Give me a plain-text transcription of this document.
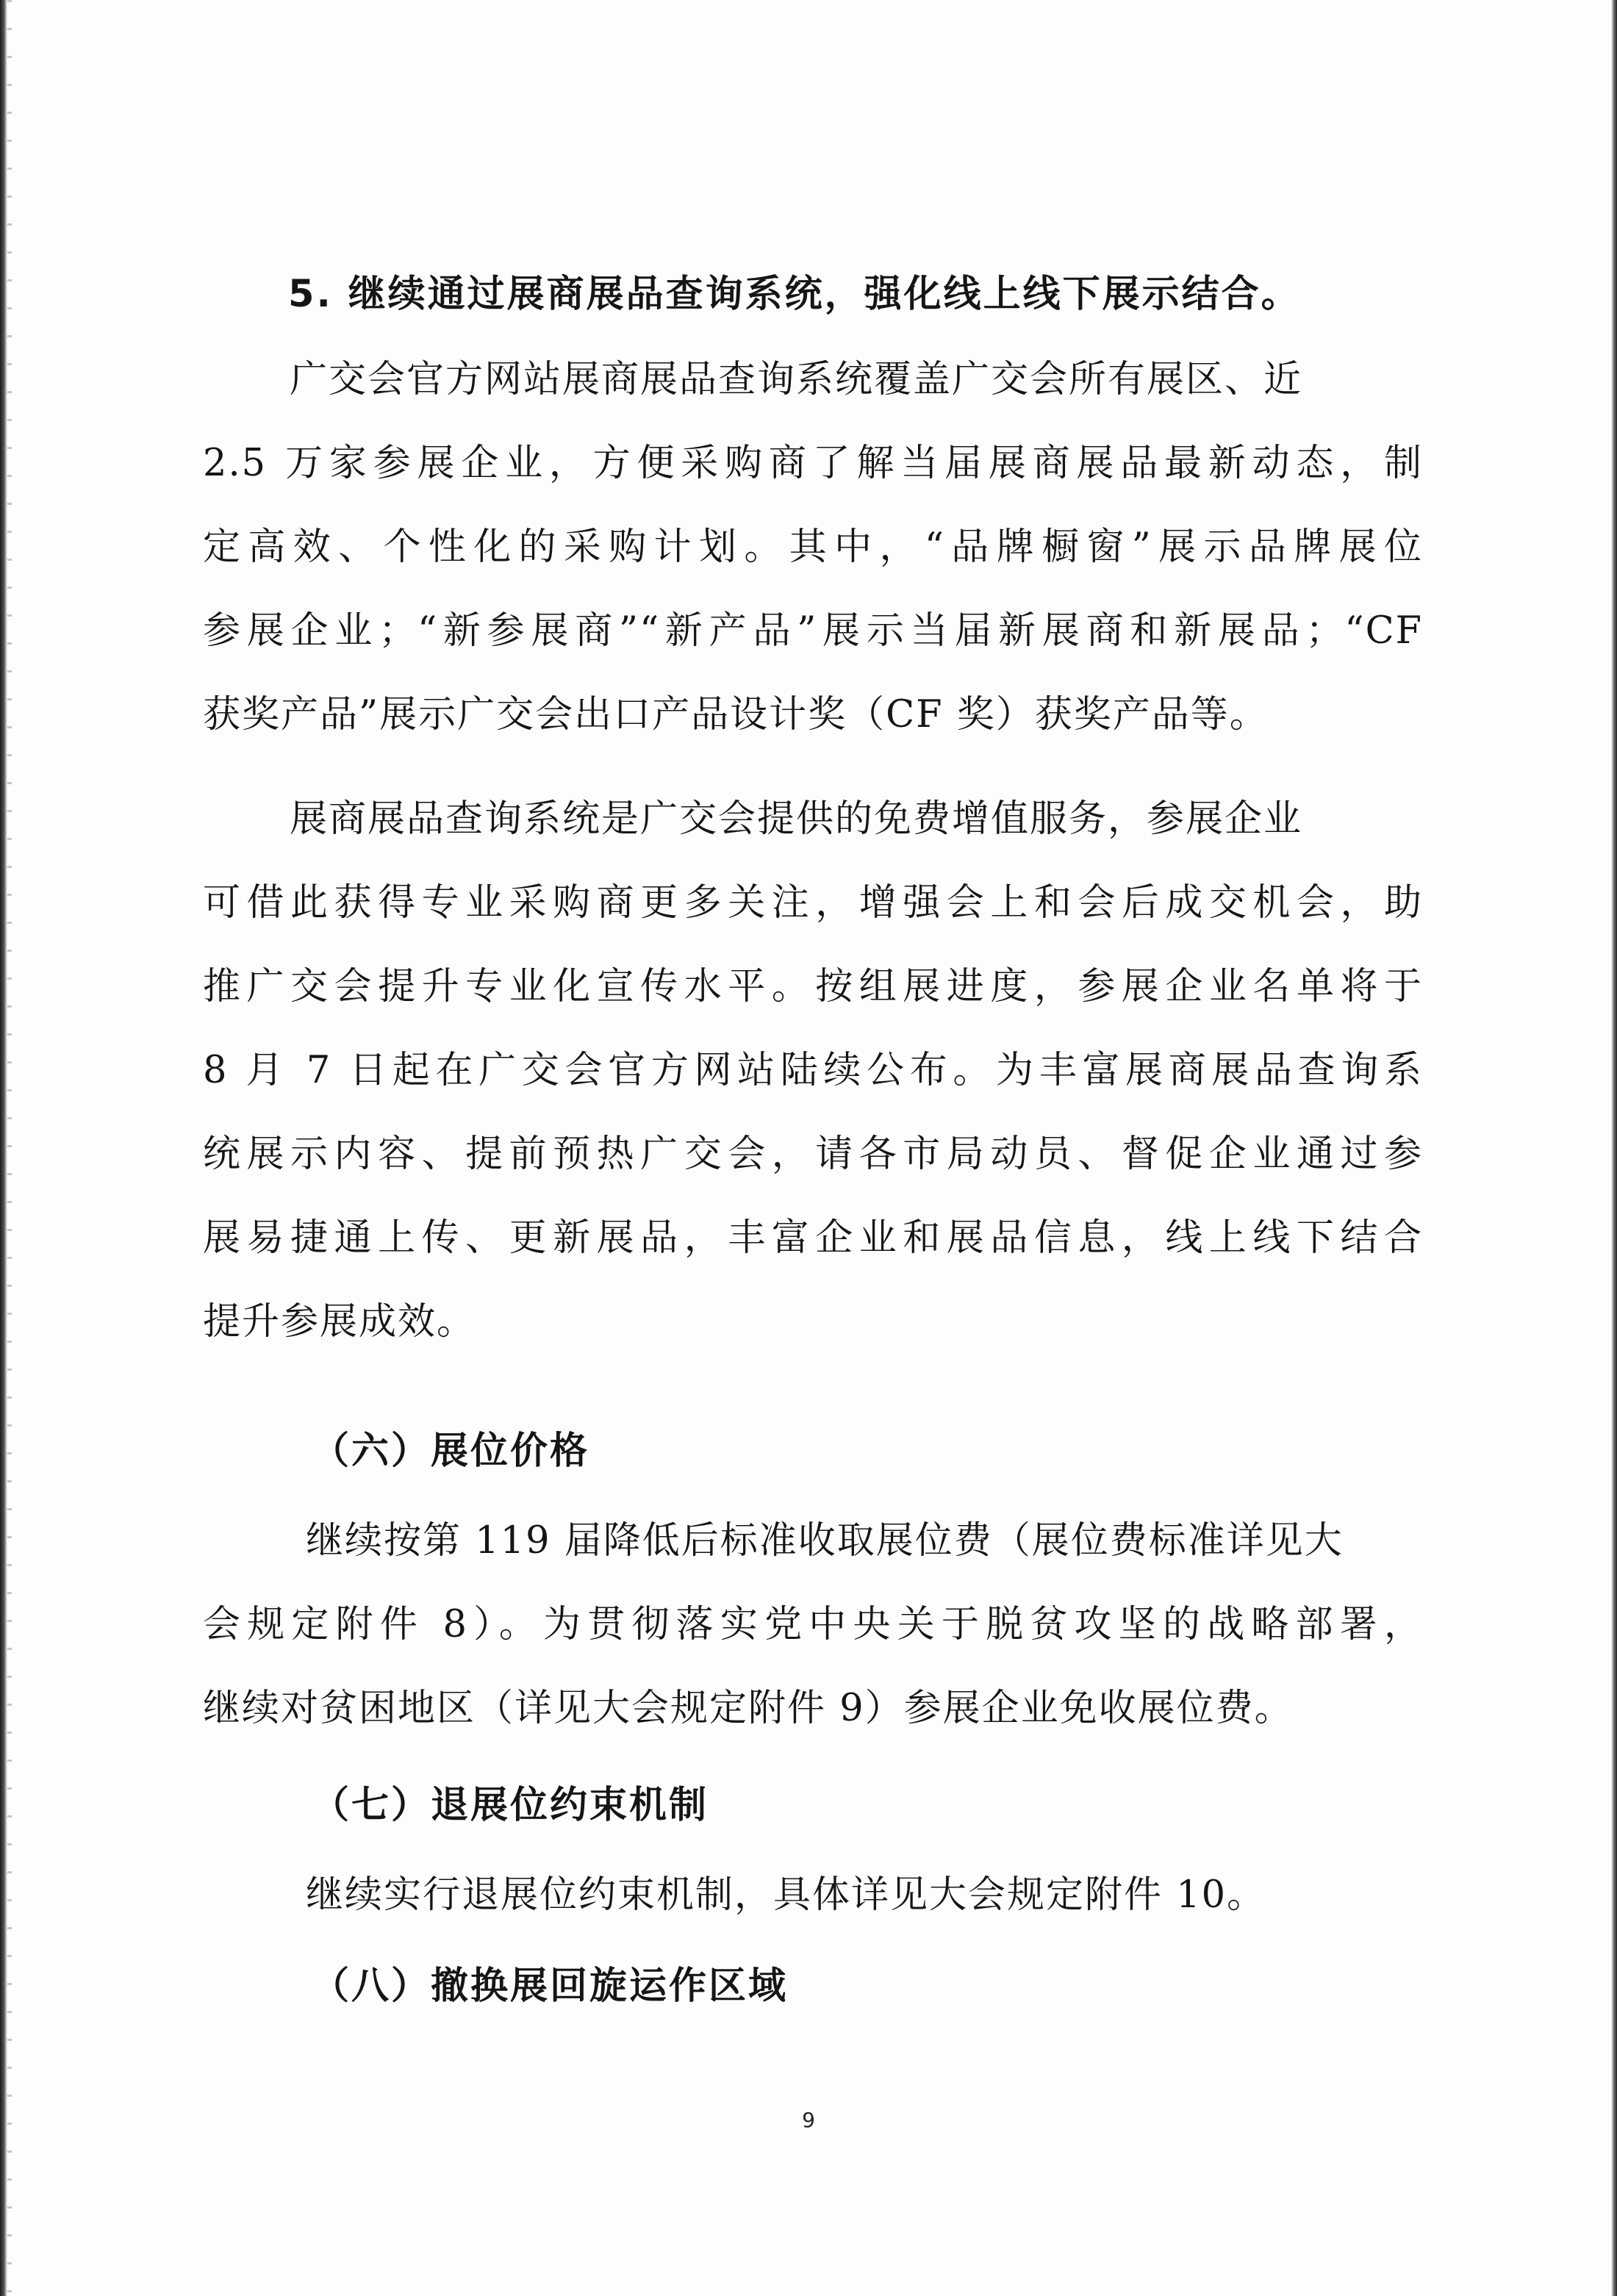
5. 继续通过展商展品查询系统，强化线上线下展示结合。
广交会官方网站展商展品查询系统覆盖广交会所有展区、近
2.5 万家参展企业，方便采购商了解当届展商展品最新动态，制
定高效、个性化的采购计划。其中，“品牌橱窗”展示品牌展位
参展企业；“新参展商”“新产品”展示当届新展商和新展品；“CF
获奖产品”展示广交会出口产品设计奖（CF 奖）获奖产品等。
展商展品查询系统是广交会提供的免费增值服务，参展企业
可借此获得专业采购商更多关注，增强会上和会后成交机会，助
推广交会提升专业化宣传水平。按组展进度，参展企业名单将于
8 月 7 日起在广交会官方网站陆续公布。为丰富展商展品查询系
统展示内容、提前预热广交会，请各市局动员、督促企业通过参
展易捷通上传、更新展品，丰富企业和展品信息，线上线下结合
提升参展成效。
（六）展位价格
继续按第 119 届降低后标准收取展位费（展位费标准详见大
会规定附件 8）。为贯彻落实党中央关于脱贫攻坚的战略部署，
继续对贫困地区（详见大会规定附件 9）参展企业免收展位费。
（七）退展位约束机制
继续实行退展位约束机制，具体详见大会规定附件 10。
（八）撤换展回旋运作区域
9
